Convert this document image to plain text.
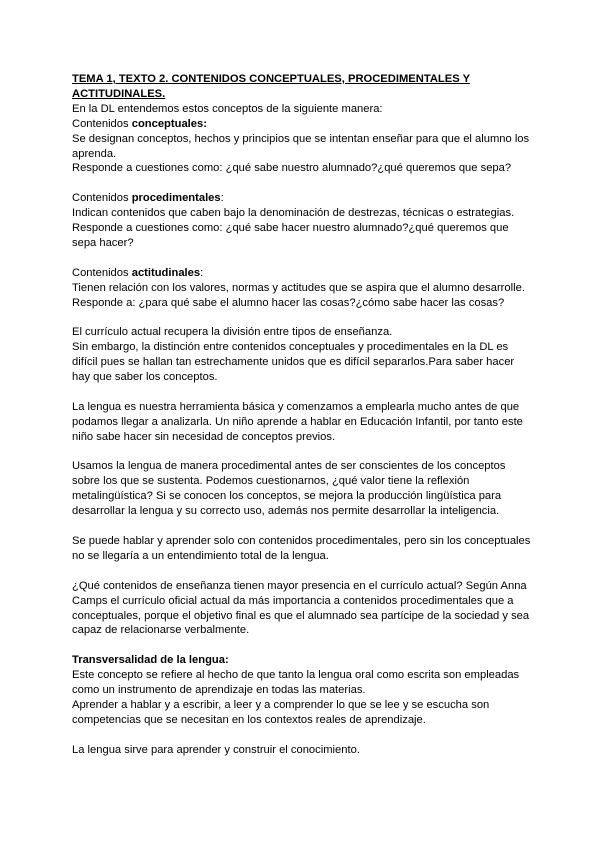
TEMA 1, TEXTO 2. CONTENIDOS CONCEPTUALES, PROCEDIMENTALES Y ACTITUDINALES.

En la DL entendemos estos conceptos de la siguiente manera:

Contenidos conceptuales:

Se designan conceptos, hechos y principios que se intentan enseñar para que el alumno los aprenda.

Responde a cuestiones como: ¿qué sabe nuestro alumnado?¿qué queremos que sepa?

Contenidos procedimentales:

Indican contenidos que caben bajo la denominación de destrezas, técnicas o estrategias.

Responde a cuestiones como: ¿qué sabe hacer nuestro alumnado?¿qué queremos que sepa hacer?

Contenidos actitudinales:

Tienen relación con los valores, normas y actitudes que se aspira que el alumno desarrolle.

Responde a: ¿para qué sabe el alumno hacer las cosas?¿cómo sabe hacer las cosas?

El currículo actual recupera la división entre tipos de enseñanza.

Sin embargo, la distinción entre contenidos conceptuales y procedimentales en la DL es difícil pues se hallan tan estrechamente unidos que es difícil separarlos.Para saber hacer hay que saber los conceptos.

La lengua es nuestra herramienta básica y comenzamos a emplearla mucho antes de que podamos llegar a analizarla. Un niño aprende a hablar en Educación Infantil, por tanto este niño sabe hacer sin necesidad de conceptos previos.

Usamos la lengua de manera procedimental antes de ser conscientes de los conceptos sobre los que se sustenta. Podemos cuestionarnos, ¿qué valor tiene la reflexión metalingüística? Si se conocen los conceptos, se mejora la producción lingüística para desarrollar la lengua y su correcto uso, además nos permite desarrollar la inteligencia.

Se puede hablar y aprender solo con contenidos procedimentales, pero sin los conceptuales no se llegaría a un entendimiento total de la lengua.

¿Qué contenidos de enseñanza tienen mayor presencia en el currículo actual? Según Anna Camps el currículo oficial actual da más importancia a contenidos procedimentales que a conceptuales, porque el objetivo final es que el alumnado sea partícipe de la sociedad y sea capaz de relacionarse verbalmente.

Transversalidad de la lengua:

Este concepto se refiere al hecho de que tanto la lengua oral como escrita son empleadas como un instrumento de aprendizaje en todas las materias.

Aprender a hablar y a escribir, a leer y a comprender lo que se lee y se escucha son competencias que se necesitan en los contextos reales de aprendizaje.

La lengua sirve para aprender y construir el conocimiento.
